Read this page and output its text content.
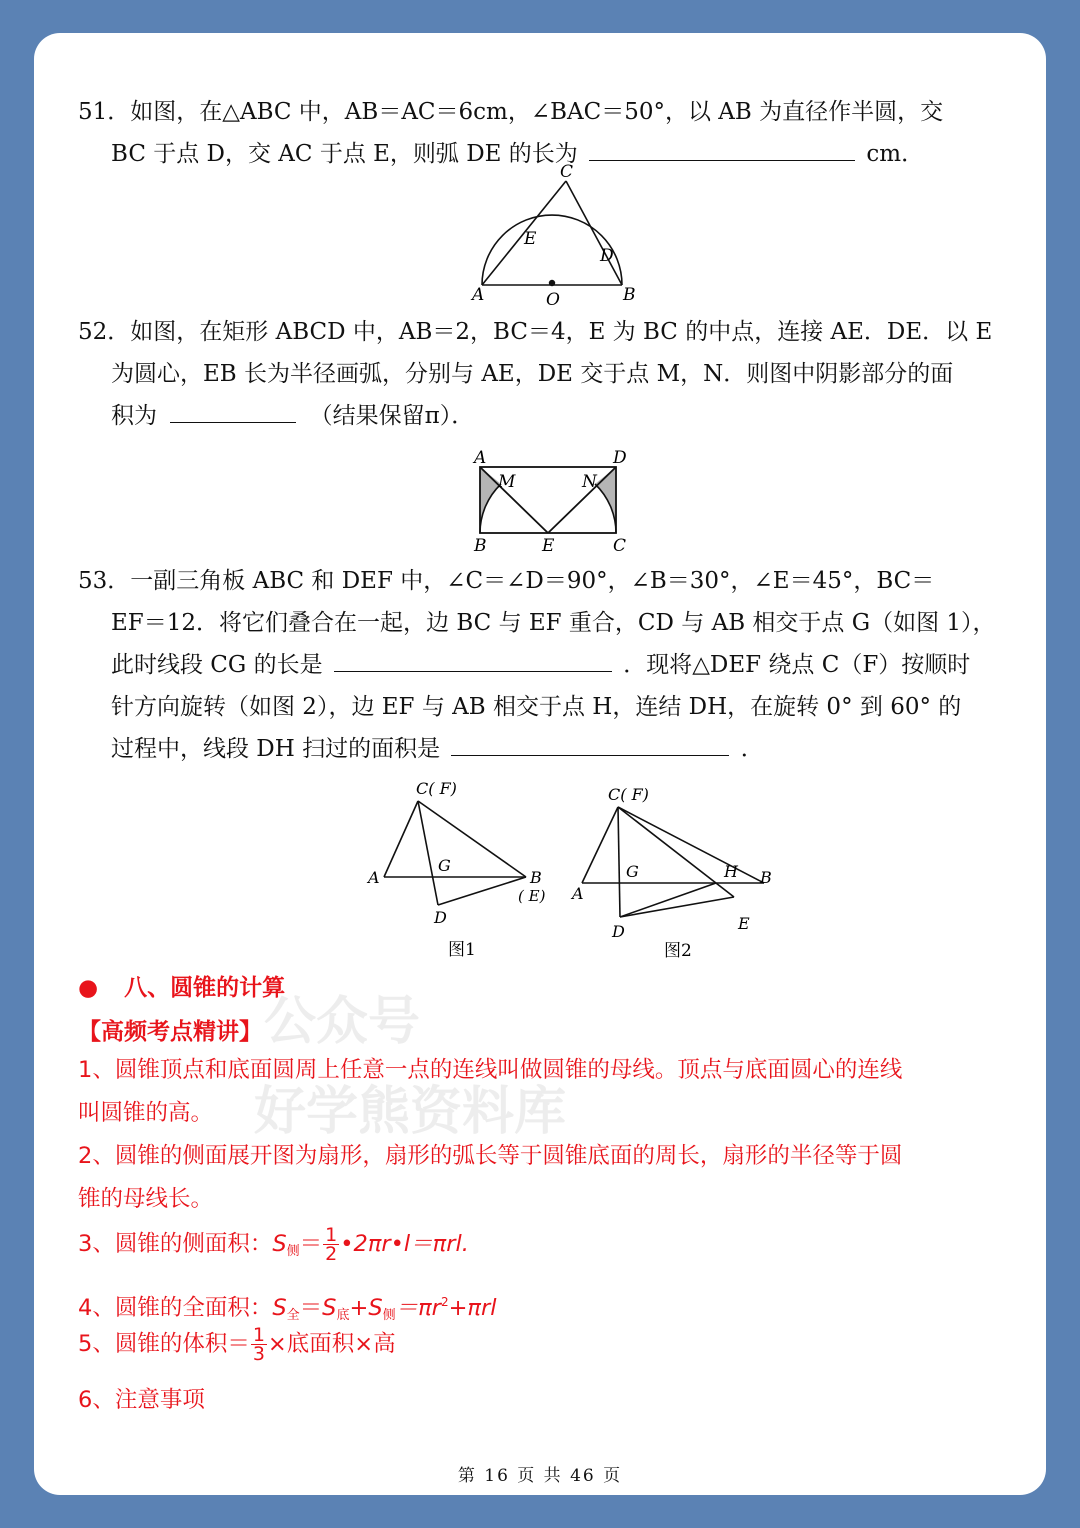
51．如图，在△ABC 中，AB＝AC＝6cm，∠BAC＝50°，以 AB 为直径作半圆，交

BC 于点 D，交 AC 于点 E，则弧 DE 的长为	cm．

A	B
C
D
E
O

52．如图，在矩形 ABCD 中，AB＝2，BC＝4，E 为 BC 的中点，连接 AE．DE．以 E

为圆心，EB 长为半径画弧，分别与 AE，DE 交于点 M，N．则图中阴影部分的面

积为	（结果保留π）．

A	D
B	C
E
M	N

53．一副三角板 ABC 和 DEF 中，∠C＝∠D＝90°，∠B＝30°，∠E＝45°，BC＝

EF＝12．将它们叠合在一起，边 BC 与 EF 重合，CD 与 AB 相交于点 G（如图 1），

此时线段 CG 的长是	．现将△DEF 绕点 C（F）按顺时

针方向旋转（如图 2），边 EF 与 AB 相交于点 H，连结 DH，在旋转 0° 到 60° 的

过程中，线段 DH 扫过的面积是	．

C( F)
A
G
B
( E)
D
图1
C( F)
A
G	H B
D	E
图2
公众号
好学熊资料库
● 八、圆锥的计算
【高频考点精讲】
1、圆锥顶点和底面圆周上任意一点的连线叫做圆锥的母线。顶点与底面圆心的连线
叫圆锥的高。
2、圆锥的侧面展开图为扇形，扇形的弧长等于圆锥底面的周长，扇形的半径等于圆
锥的母线长。
3、圆锥的侧面积：$S_侧= \frac{1}{2}$ •2πr•l＝πrl.
4、圆锥的全面积：$S_全=S_底+S_侧=\pi r^2+\pi rl$
5、圆锥的体积＝ $\frac{1}{3}$ ×底面积×高
6、注意事项
第 16 页 共 46 页
